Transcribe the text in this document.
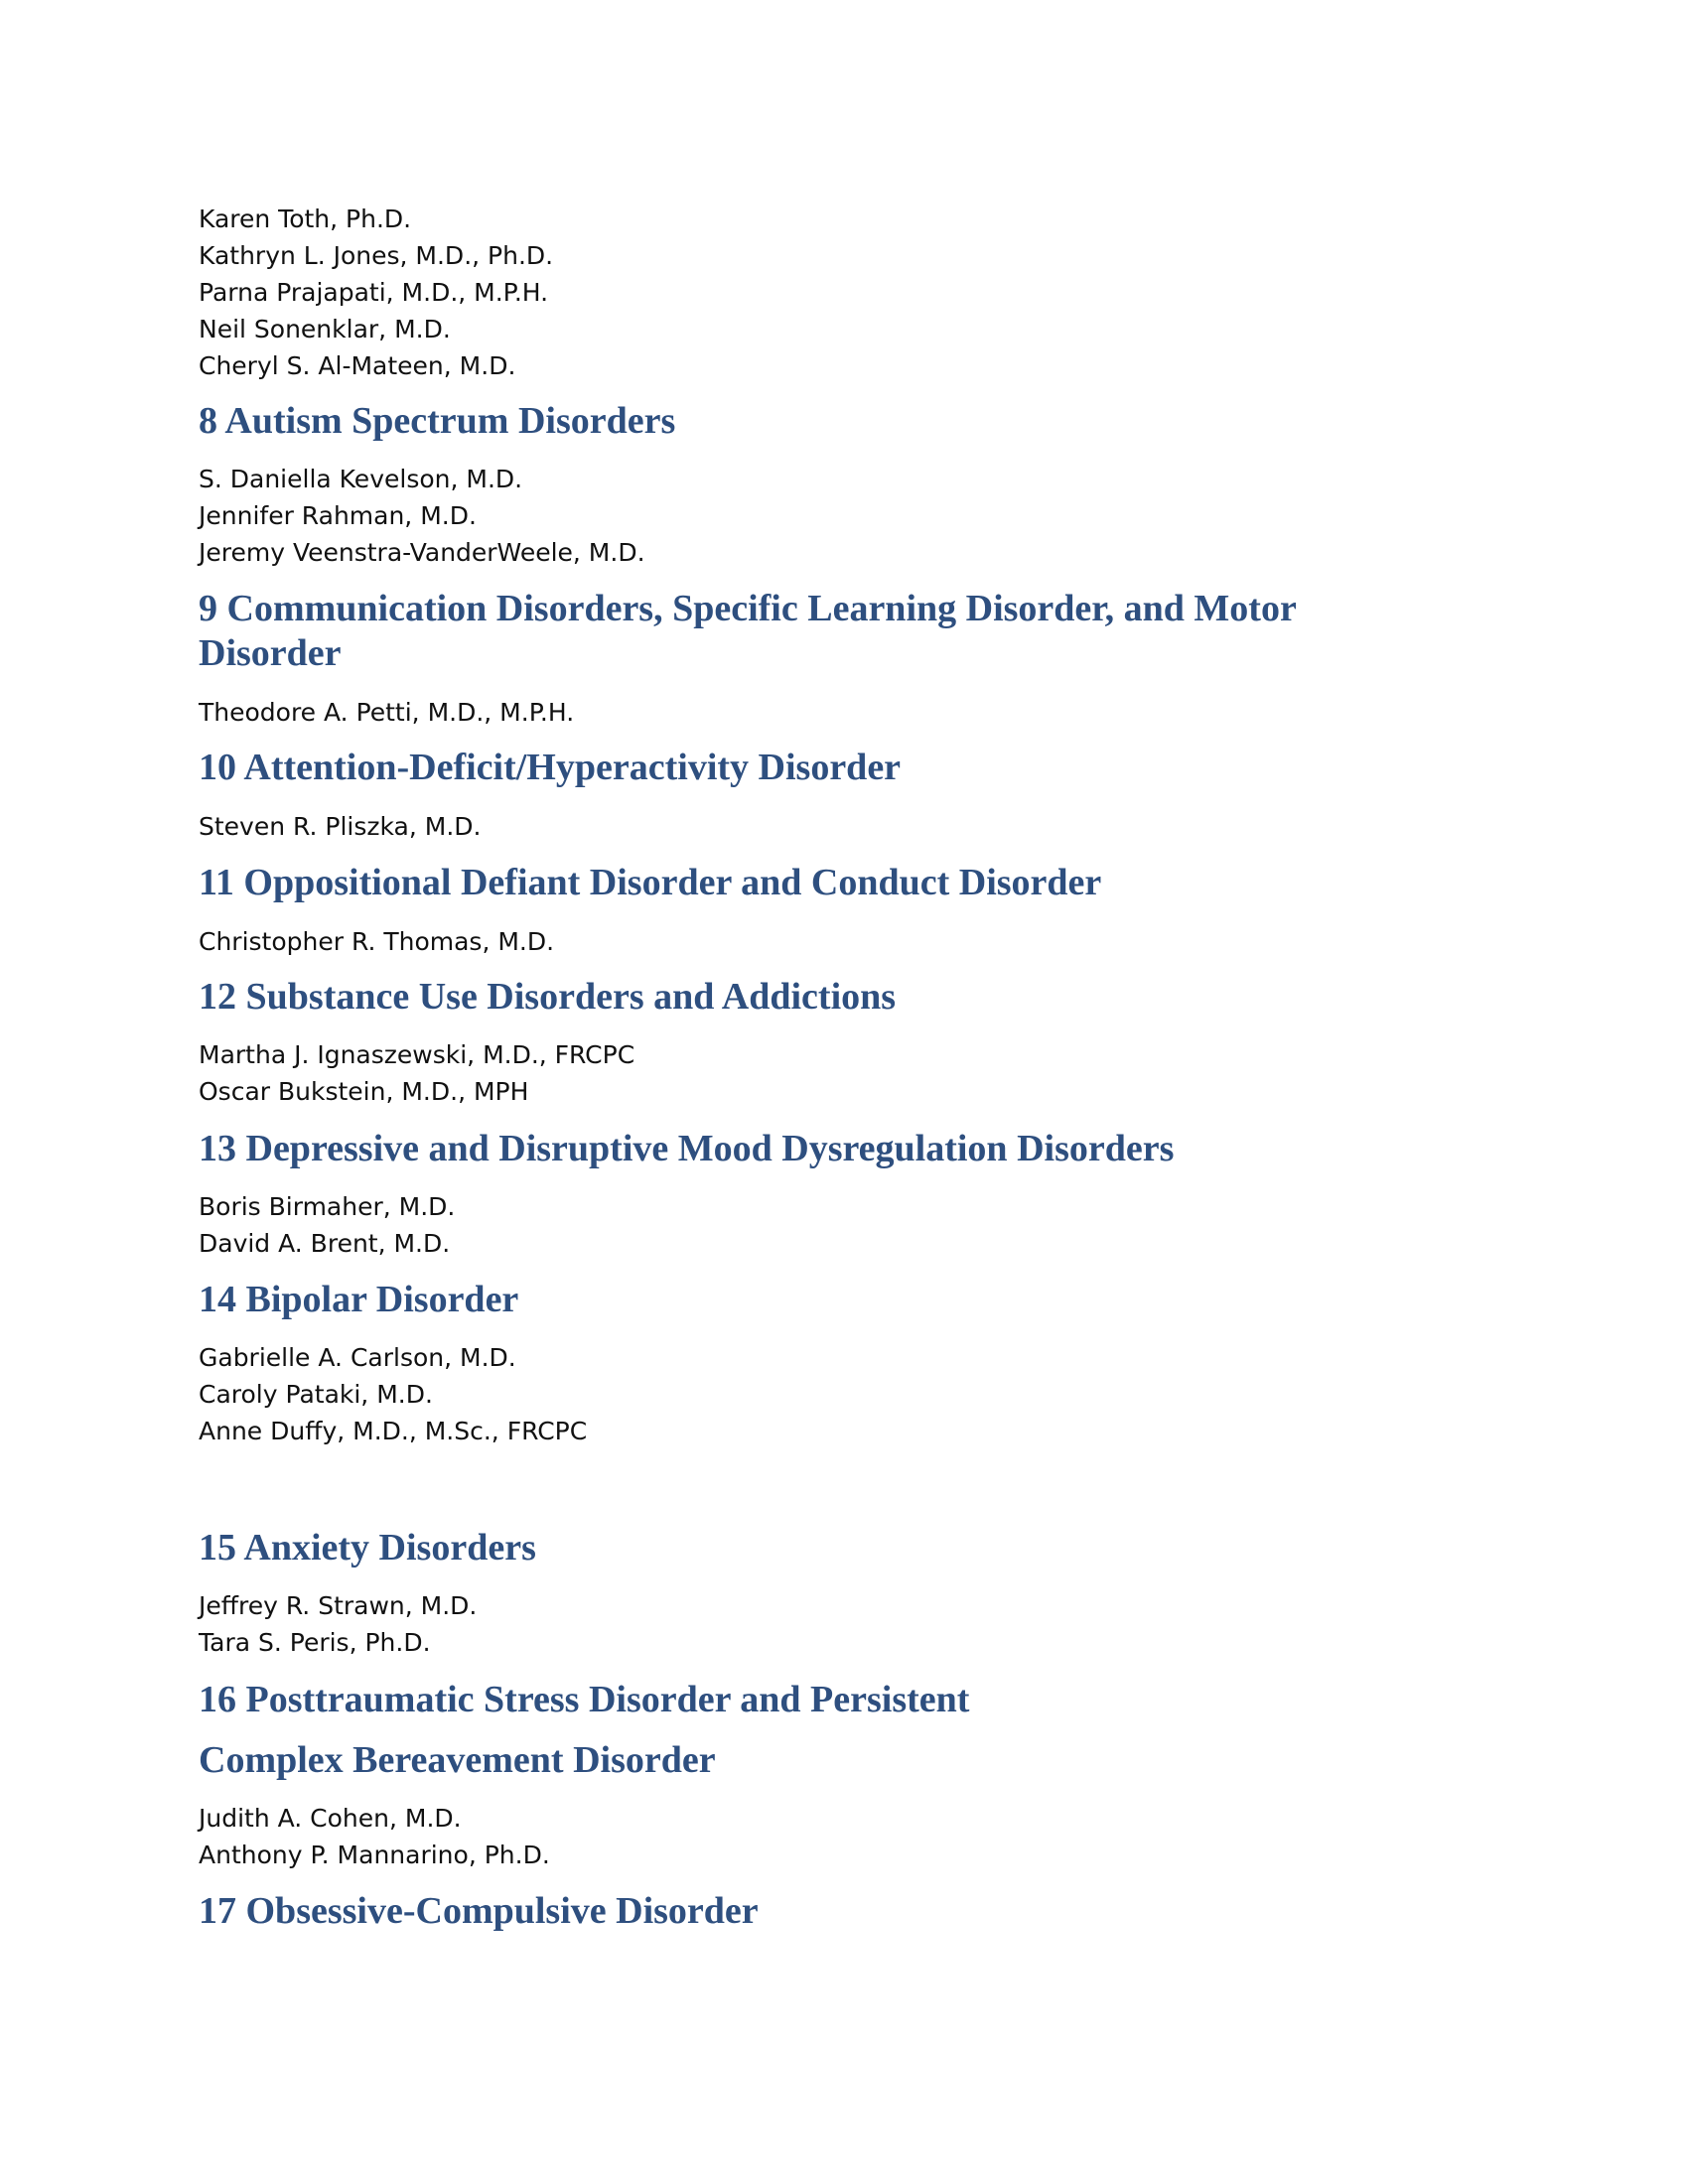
Karen Toth, Ph.D.
Kathryn L. Jones, M.D., Ph.D.
Parna Prajapati, M.D., M.P.H.
Neil Sonenklar, M.D.
Cheryl S. Al-Mateen, M.D.
8 Autism Spectrum Disorders
S. Daniella Kevelson, M.D.
Jennifer Rahman, M.D.
Jeremy Veenstra-VanderWeele, M.D.
9 Communication Disorders, Specific Learning Disorder, and Motor
Disorder
Theodore A. Petti, M.D., M.P.H.
10 Attention-Deficit/Hyperactivity Disorder
Steven R. Pliszka, M.D.
11 Oppositional Defiant Disorder and Conduct Disorder
Christopher R. Thomas, M.D.
12 Substance Use Disorders and Addictions
Martha J. Ignaszewski, M.D., FRCPC
Oscar Bukstein, M.D., MPH
13 Depressive and Disruptive Mood Dysregulation Disorders
Boris Birmaher, M.D.
David A. Brent, M.D.
14 Bipolar Disorder
Gabrielle A. Carlson, M.D.
Caroly Pataki, M.D.
Anne Duffy, M.D., M.Sc., FRCPC
15 Anxiety Disorders
Jeffrey R. Strawn, M.D.
Tara S. Peris, Ph.D.
16 Posttraumatic Stress Disorder and Persistent
Complex Bereavement Disorder
Judith A. Cohen, M.D.
Anthony P. Mannarino, Ph.D.
17 Obsessive-Compulsive Disorder
